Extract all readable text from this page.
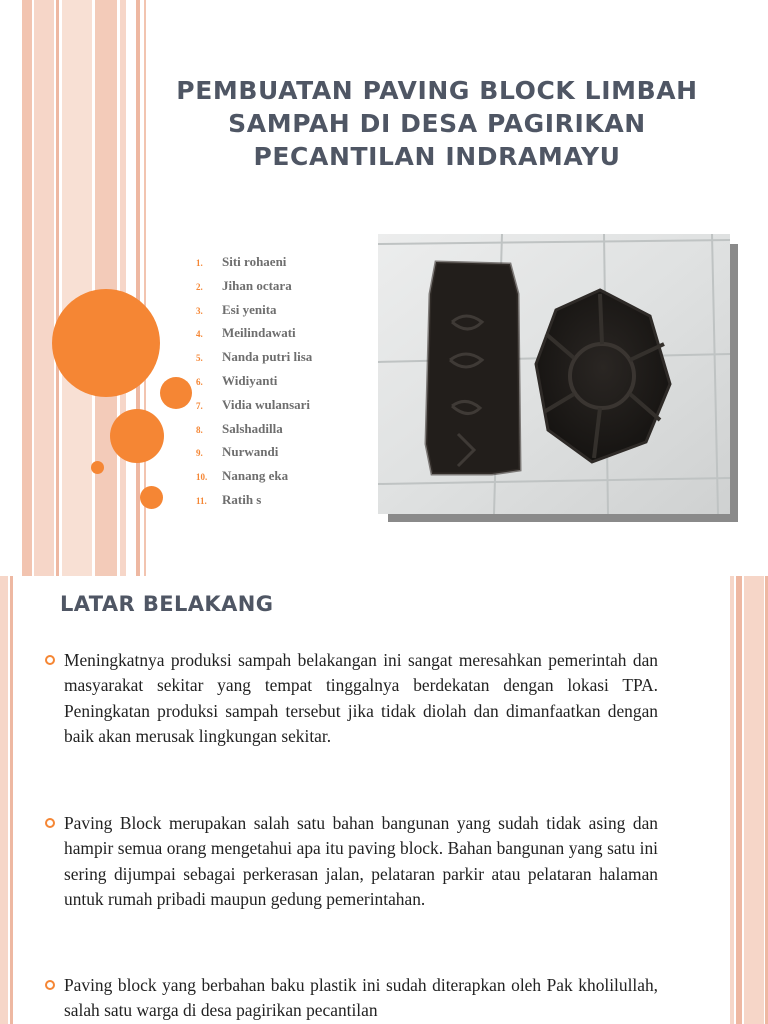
PEMBUATAN PAVING BLOCK LIMBAH SAMPAH DI DESA PAGIRIKAN PECANTILAN INDRAMAYU
1. Siti rohaeni
2. Jihan octara
3. Esi yenita
4. Meilindawati
5. Nanda putri lisa
6. Widiyanti
7. Vidia wulansari
8. Salshadilla
9. Nurwandi
10. Nanang eka
11. Ratih s
LATAR BELAKANG
Meningkatnya produksi sampah belakangan ini sangat meresahkan pemerintah dan masyarakat sekitar yang tempat tinggalnya berdekatan dengan lokasi TPA. Peningkatan produksi sampah tersebut jika tidak diolah dan dimanfaatkan dengan baik akan merusak lingkungan sekitar.
Paving Block merupakan salah satu bahan bangunan yang sudah tidak asing dan hampir semua orang mengetahui apa itu paving block. Bahan bangunan yang satu ini sering dijumpai sebagai perkerasan jalan, pelataran parkir atau pelataran halaman untuk rumah pribadi maupun gedung pemerintahan.
Paving block yang berbahan baku plastik ini sudah diterapkan oleh Pak kholilullah, salah satu warga di desa pagirikan pecantilan
